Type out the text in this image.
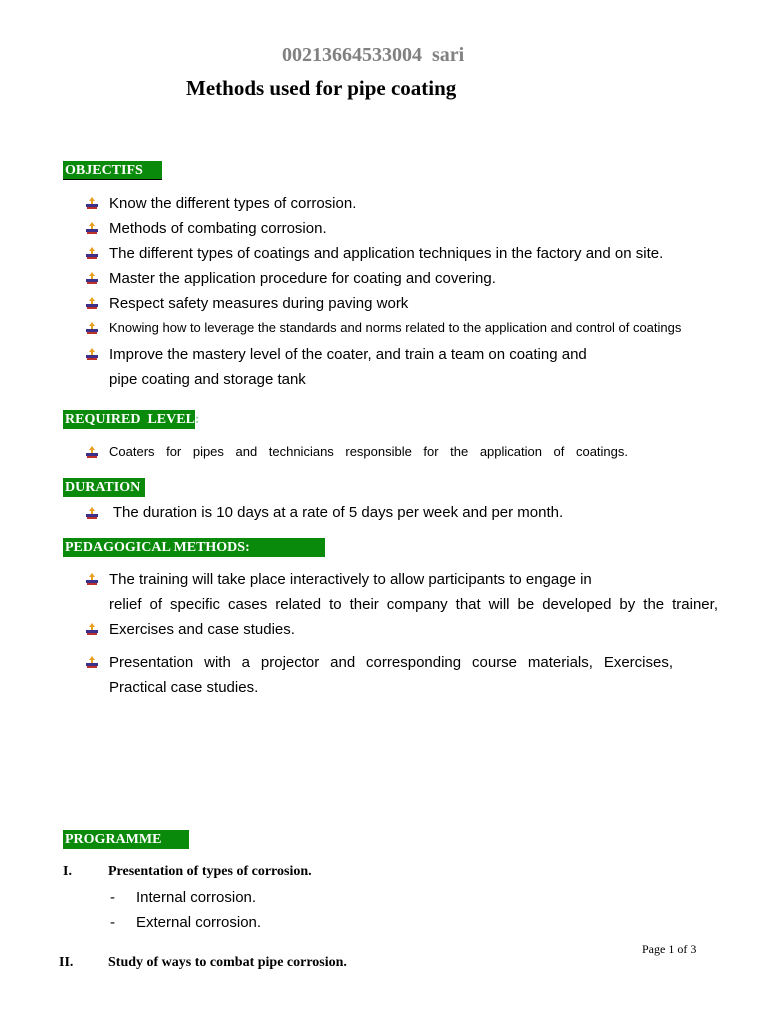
00213664533004  sari
Methods used for pipe coating
OBJECTIFS
Know the different types of corrosion.
Methods of combating corrosion.
The different types of coatings and application techniques in the factory and on site.
Master the application procedure for coating and covering.
Respect safety measures during paving work
Knowing how to leverage the standards and norms related to the application and control of coatings
Improve the mastery level of the coater, and train a team on coating and
pipe coating and storage tank
REQUIRED  LEVEL:
Coaters for pipes and technicians responsible for the application of coatings.
DURATION
The duration is 10 days at a rate of 5 days per week and per month.
PEDAGOGICAL METHODS:
The training will take place interactively to allow participants to engage in
relief of specific cases related to their company that will be developed by the trainer,
Exercises and case studies.
Presentation with a projector and corresponding course materials, Exercises,
Practical case studies.
PROGRAMME
I.	Presentation of types of corrosion.
- Internal corrosion.
- External corrosion.
Page 1 of 3
II. Study of ways to combat pipe corrosion.
